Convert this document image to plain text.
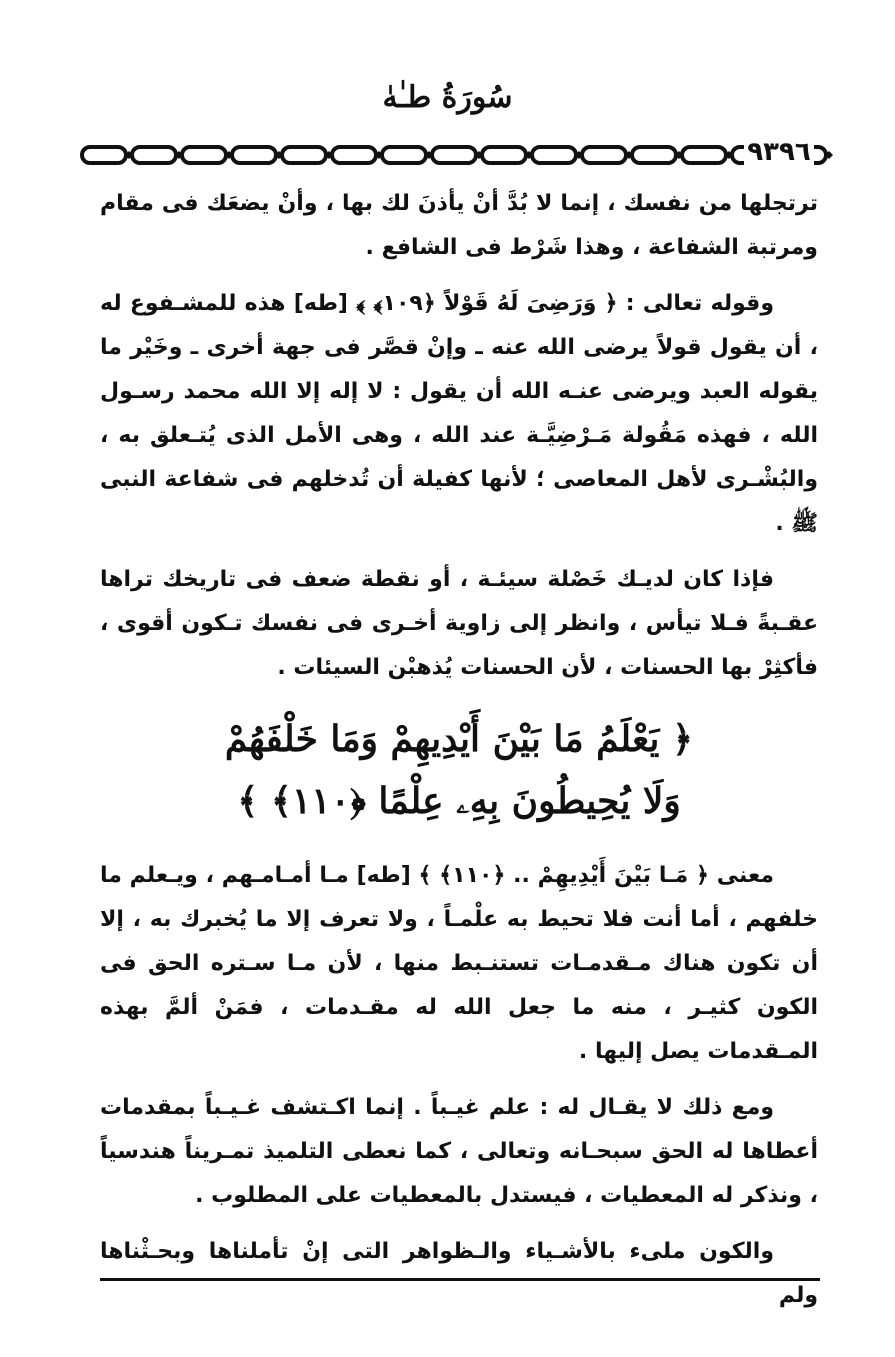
سُورَةُ طـٰهٰ
٩٣٩٦

ترتجلها من نفسك ، إنما لا بُدَّ أنْ يأذنَ لك بها ، وأنْ يضعَك فى مقام ومرتبة الشفاعة ، وهذا شَرْط فى الشافع .

وقوله تعالى : ﴿ وَرَضِىَ لَهُ قَوْلاً ﴿١٠٩﴾ ﴾ [طه] هذه للمشـفوع له ، أن يقول قولاً يرضى الله عنه ـ وإنْ قصَّر فى جهة أخرى ـ وخَيْر ما يقوله العبد ويرضى عنـه الله أن يقول : لا إله إلا الله محمد رسـول الله ، فهذه مَقُولة مَـرْضِيَّـة عند الله ، وهى الأمل الذى يُتـعلق به ، والبُشْـرى لأهل المعاصى ؛ لأنها كفيلة أن تُدخلهم فى شفاعة النبى ﷺ .

فإذا كان لديـك خَصْلة سيئـة ، أو نقطة ضعف فى تاريخك تراها عقـبةً فـلا تيأس ، وانظر إلى زاوية أخـرى فى نفسك تـكون أقوى ، فأكثِرْ بها الحسنات ، لأن الحسنات يُذهبْن السيئات .

﴿ يَعْلَمُ مَا بَيْنَ أَيْدِيهِمْ وَمَا خَلْفَهُمْ
وَلَا يُحِيطُونَ بِهِۦ عِلْمًا ﴿١١٠﴾ ﴾

معنى ﴿ مَـا بَيْنَ أَيْدِيهِمْ .. ﴿١١٠﴾ ﴾ [طه] مـا أمـامـهم ، ويـعلم ما خلفهم ، أما أنت فلا تحيط به علْمـاً ، ولا تعرف إلا ما يُخبرك به ، إلا أن تكون هناك مـقدمـات تستنـبط منها ، لأن مـا سـتره الحق فى الكون كثيـر ، منه ما جعل الله له مقـدمات ، فمَنْ ألمَّ بهذه المـقدمات يصل إليها .

ومع ذلك لا يقـال له : علم غيـباً . إنما اكـتشف غـيـباً بمقدمات أعطاها له الحق سبحـانه وتعالى ، كما نعطى التلميذ تمـريناً هندسياً ، ونذكر له المعطيات ، فيستدل بالمعطيات على المطلوب .

والكون ملىء بالأشـياء والـظواهر التى إنْ تأملناها وبحـثْناها ولم
